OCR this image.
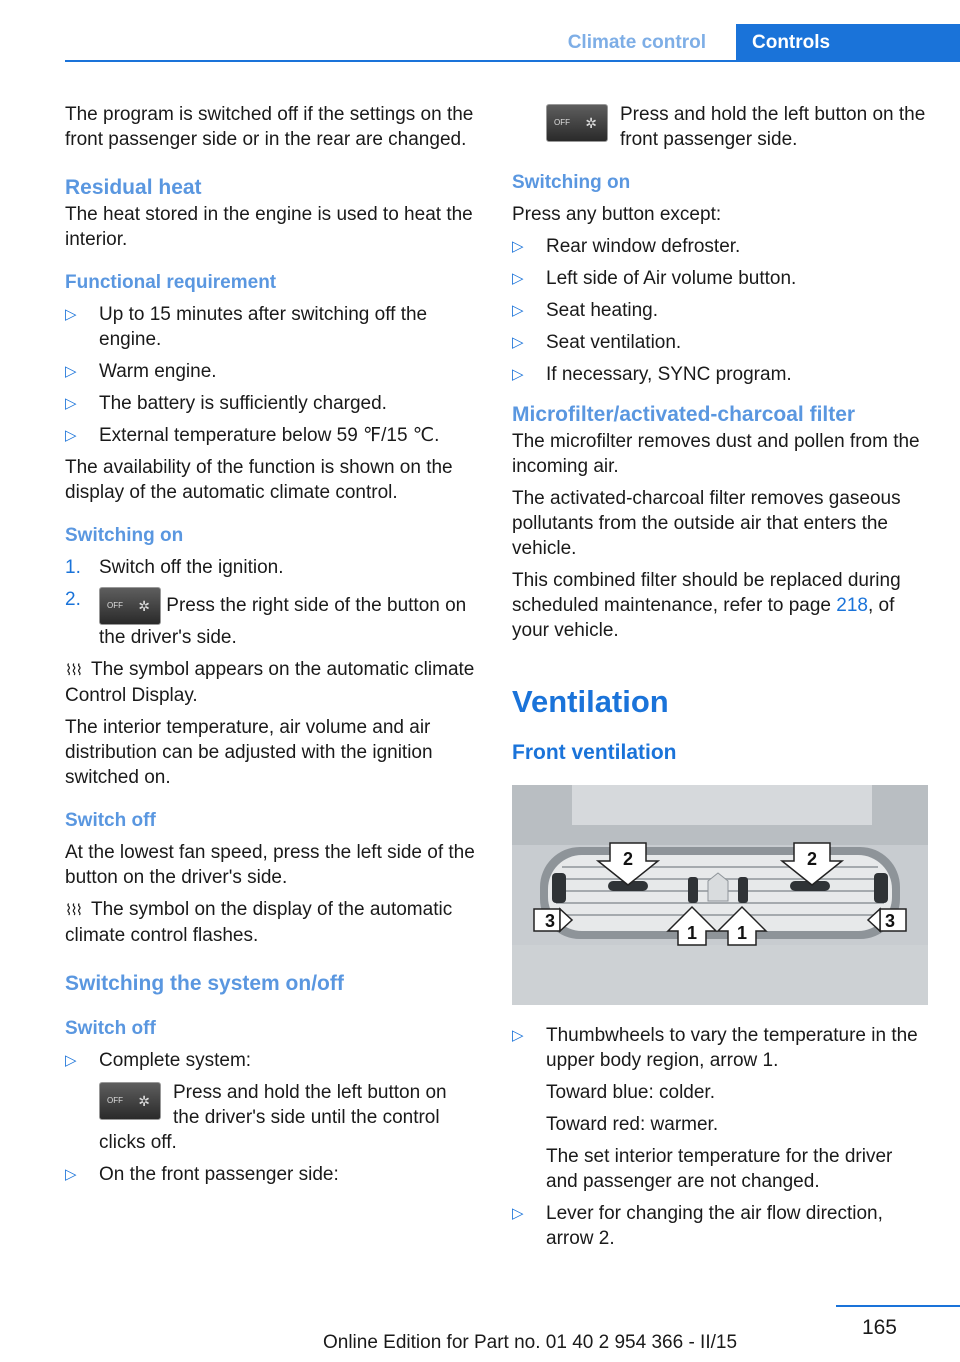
Climate control	Controls

The program is switched off if the settings on the front passenger side or in the rear are changed.

Residual heat

The heat stored in the engine is used to heat the interior.

Functional requirement
▷ Up to 15 minutes after switching off the engine.
▷ Warm engine.
▷ The battery is sufficiently charged.
▷ External temperature below 59 ℉/15 ℃.

The availability of the function is shown on the display of the automatic climate control.

Switching on
1. Switch off the ignition.
2.	OFF ✲ Press the right side of the button on the driver's side.

⌇⌇⌇ The symbol appears on the automatic climate Control Display.

The interior temperature, air volume and air distribution can be adjusted with the ignition switched on.

Switch off

At the lowest fan speed, press the left side of the button on the driver's side.

⌇⌇⌇ The symbol on the display of the automatic climate control flashes.

Switching the system on/off
Switch off
▷ Complete system:

OFF ✲ Press and hold the left button on the driver's side until the control

clicks off.

▷ On the front passenger side:
OFF ✲ Press and hold the left button on the front passenger side.
Switching on

Press any button except:

▷ Rear window defroster.
▷ Left side of Air volume button.
▷ Seat heating.
▷ Seat ventilation.
▷ If necessary, SYNC program.
Microfilter/activated-charcoal filter

The microfilter removes dust and pollen from the incoming air.

The activated-charcoal filter removes gaseous pollutants from the outside air that enters the vehicle.

This combined filter should be replaced during scheduled maintenance, refer to page 218, of your vehicle.

Ventilation
Front ventilation
2	2
3
1 1
3
▷ Thumbwheels to vary the temperature in the upper body region, arrow 1.

Toward blue: colder.

Toward red: warmer.

The set interior temperature for the driver and passenger are not changed.

▷ Lever for changing the air flow direction, arrow 2.

165
Online Edition for Part no. 01 40 2 954 366 - II/15
